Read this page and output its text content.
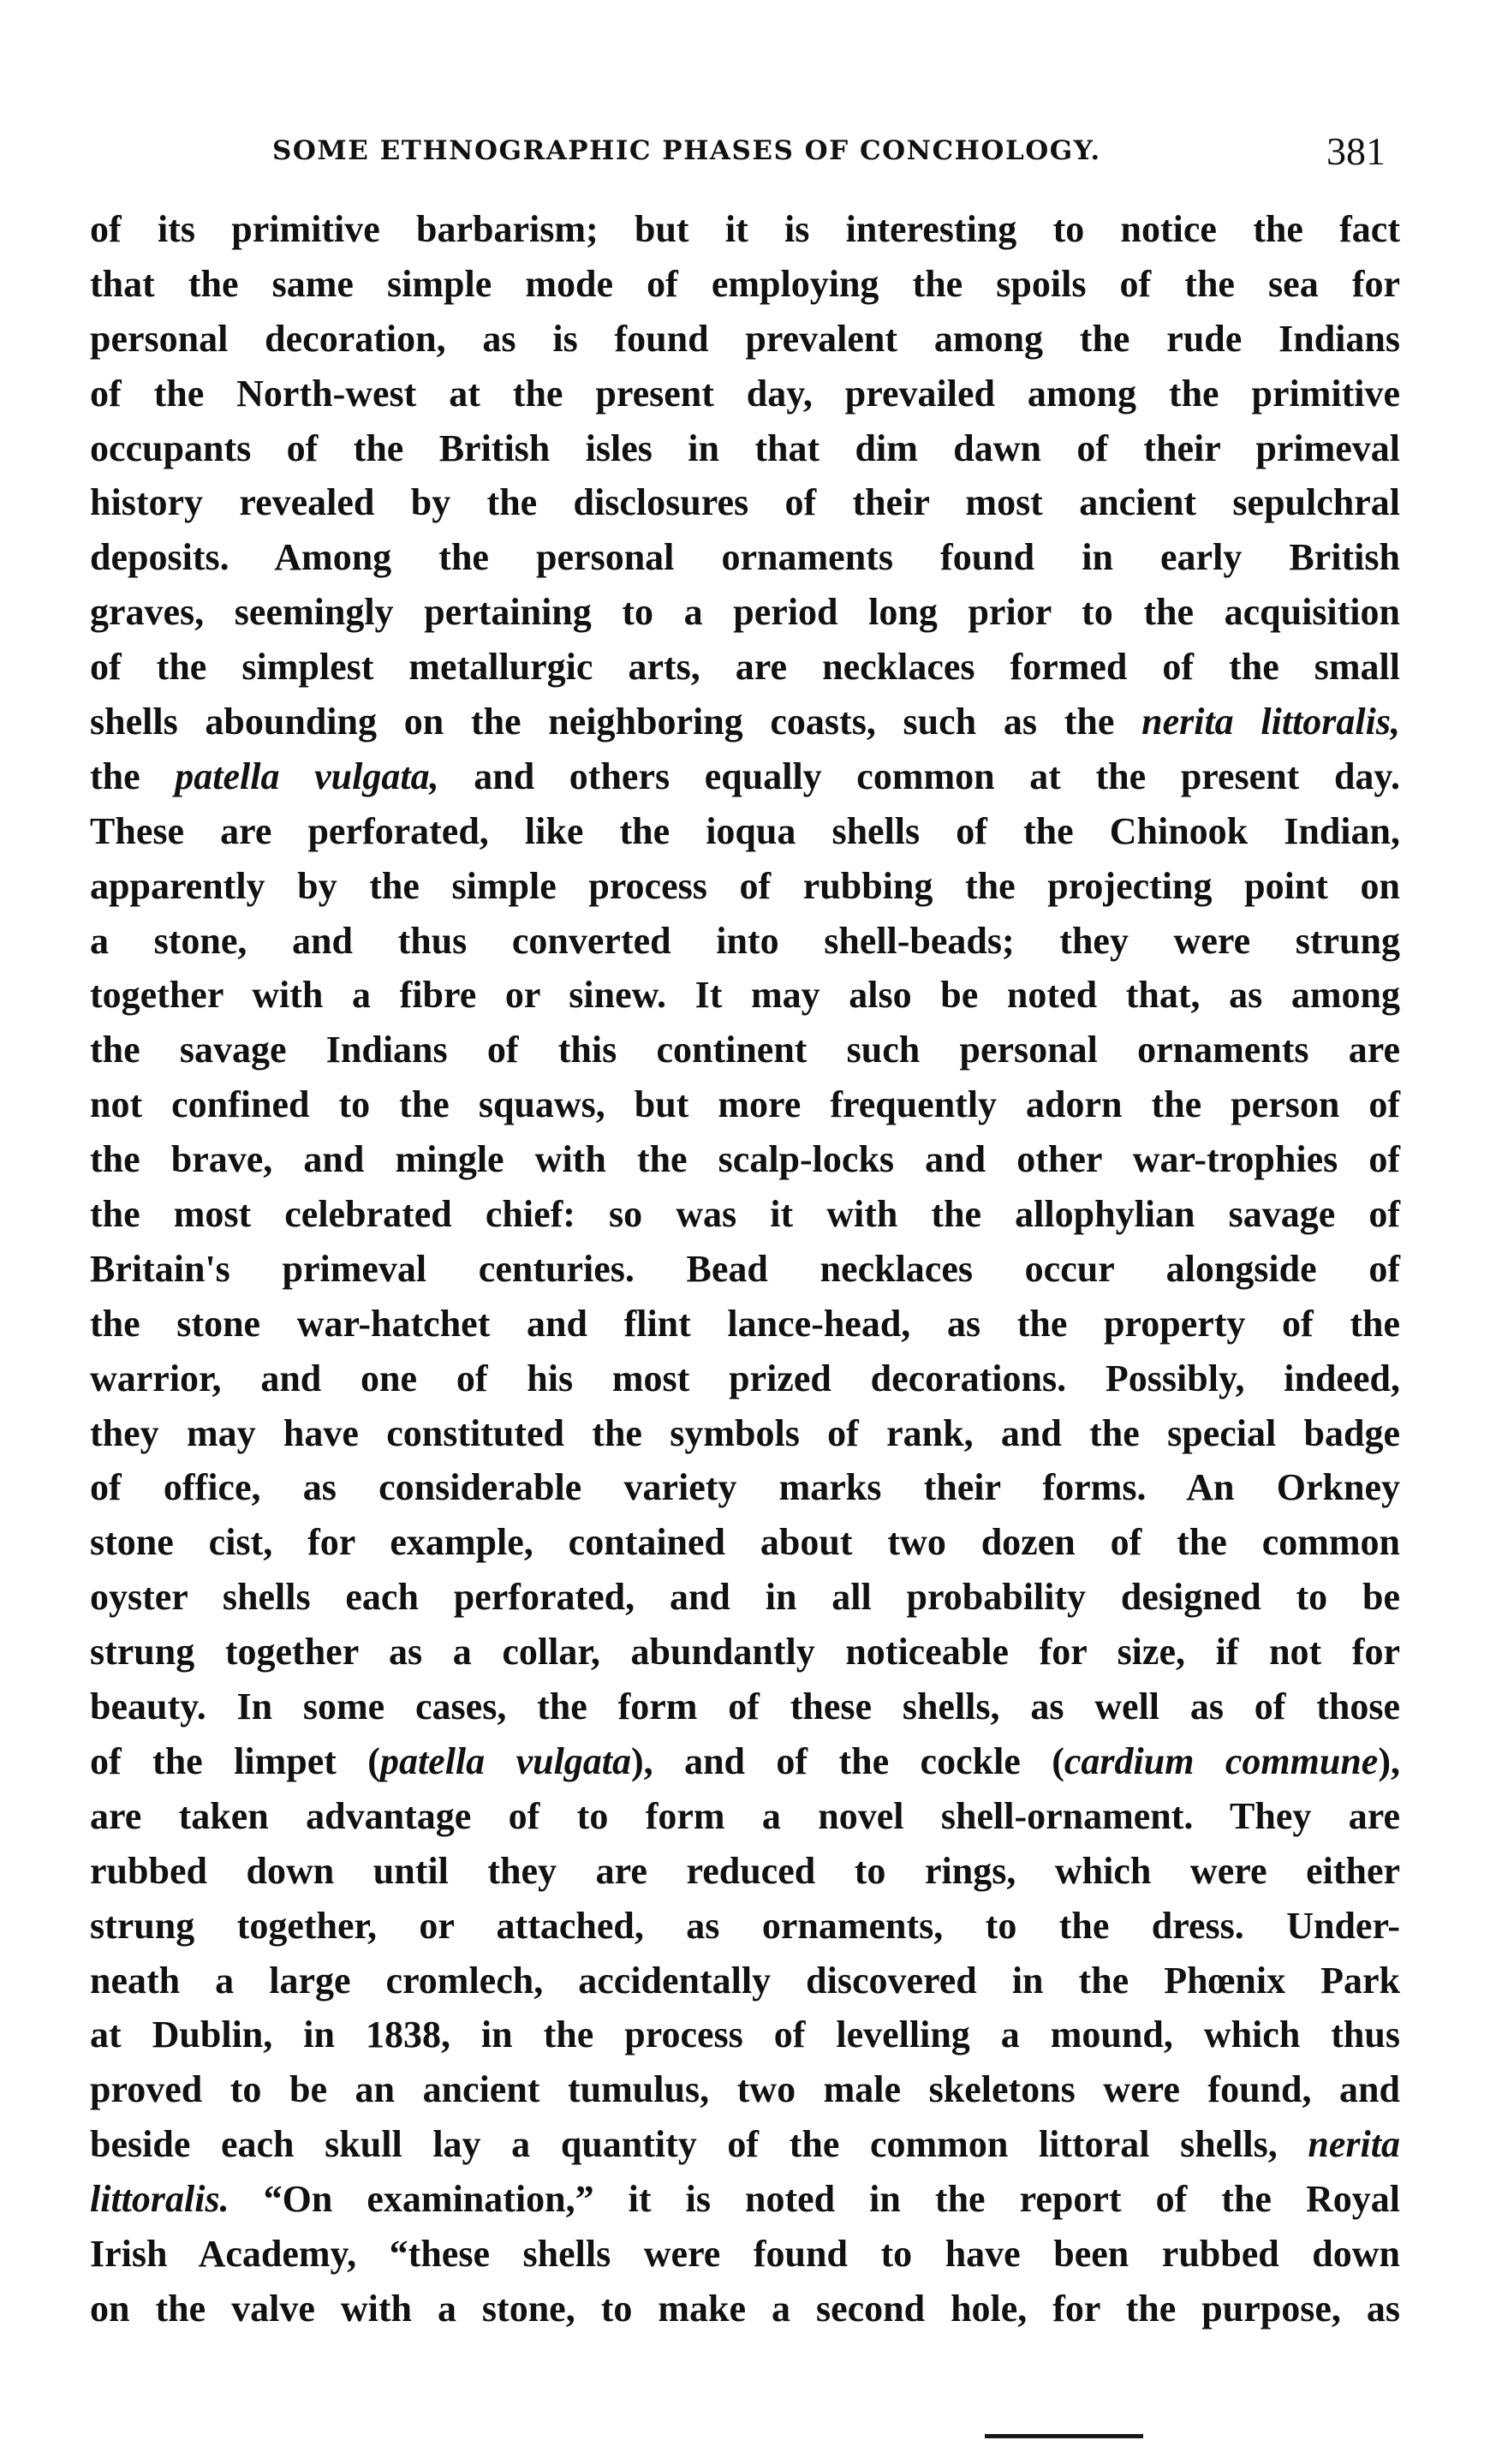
SOME ETHNOGRAPHIC PHASES OF CONCHOLOGY.	381
of its primitive barbarism; but it is interesting to notice the fact
that the same simple mode of employing the spoils of the sea for
personal decoration, as is found prevalent among the rude Indians
of the North-west at the present day, prevailed among the primitive
occupants of the British isles in that dim dawn of their primeval
history revealed by the disclosures of their most ancient sepulchral
deposits. Among the personal ornaments found in early British
graves, seemingly pertaining to a period long prior to the acquisition
of the simplest metallurgic arts, are necklaces formed of the small
shells abounding on the neighboring coasts, such as the nerita littoralis,
the patella vulgata, and others equally common at the present day.
These are perforated, like the ioqua shells of the Chinook Indian,
apparently by the simple process of rubbing the projecting point on
a stone, and thus converted into shell-beads; they were strung
together with a fibre or sinew. It may also be noted that, as among
the savage Indians of this continent such personal ornaments are
not confined to the squaws, but more frequently adorn the person of
the brave, and mingle with the scalp-locks and other war-trophies of
the most celebrated chief: so was it with the allophylian savage of
Britain's primeval centuries. Bead necklaces occur alongside of
the stone war-hatchet and flint lance-head, as the property of the
warrior, and one of his most prized decorations. Possibly, indeed,
they may have constituted the symbols of rank, and the special badge
of office, as considerable variety marks their forms. An Orkney
stone cist, for example, contained about two dozen of the common
oyster shells each perforated, and in all probability designed to be
strung together as a collar, abundantly noticeable for size, if not for
beauty. In some cases, the form of these shells, as well as of those
of the limpet (patella vulgata), and of the cockle (cardium commune),
are taken advantage of to form a novel shell-ornament. They are
rubbed down until they are reduced to rings, which were either
strung together, or attached, as ornaments, to the dress. Under-
neath a large cromlech, accidentally discovered in the Phœnix Park
at Dublin, in 1838, in the process of levelling a mound, which thus
proved to be an ancient tumulus, two male skeletons were found, and
beside each skull lay a quantity of the common littoral shells, nerita
littoralis. “On examination,” it is noted in the report of the Royal
Irish Academy, “these shells were found to have been rubbed down
on the valve with a stone, to make a second hole, for the purpose, as
